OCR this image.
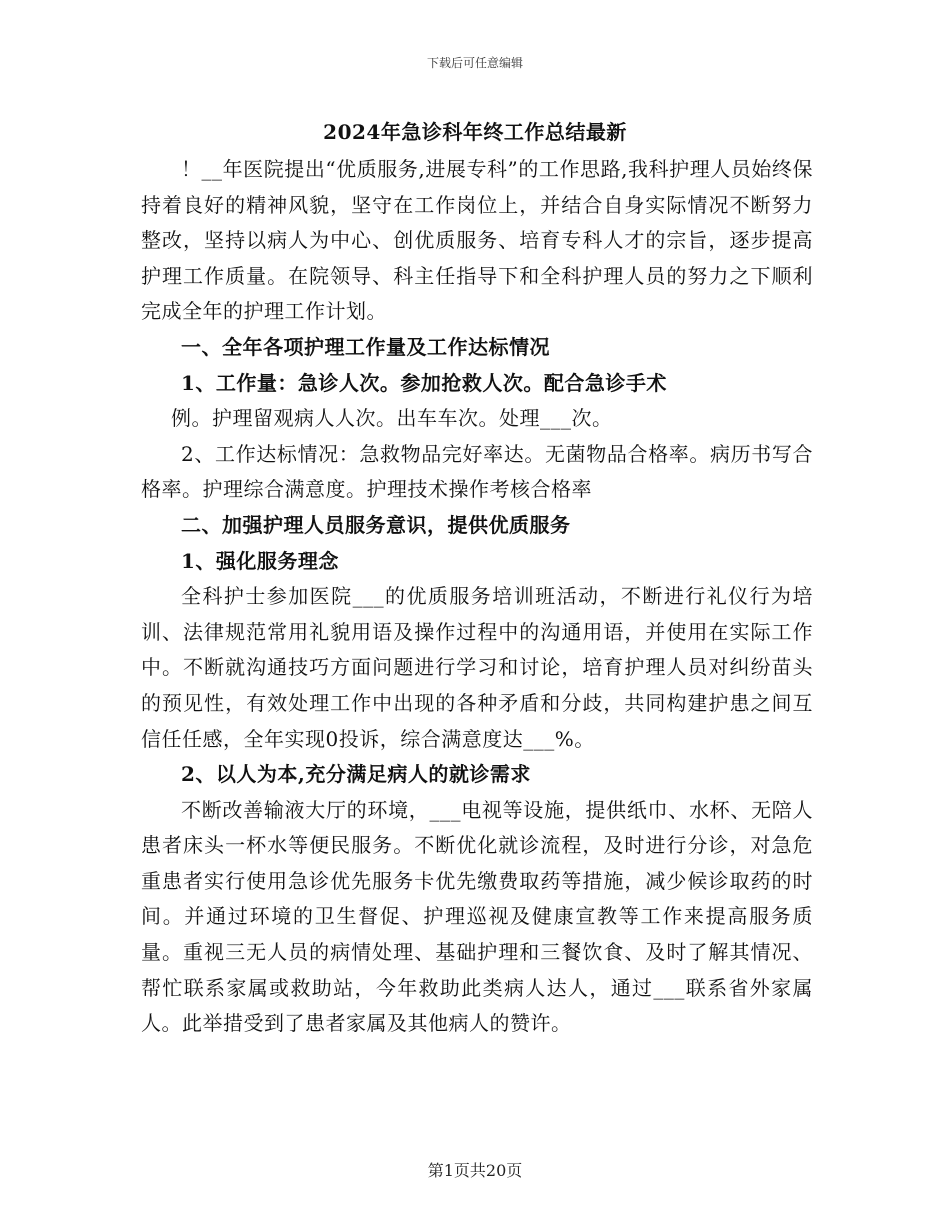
下载后可任意编辑
2024年急诊科年终工作总结最新

！__年医院提出“优质服务,进展专科”的工作思路,我科护理人员始终保持着良好的精神风貌，坚守在工作岗位上，并结合自身实际情况不断努力整改，坚持以病人为中心、创优质服务、培育专科人才的宗旨，逐步提高护理工作质量。在院领导、科主任指导下和全科护理人员的努力之下顺利完成全年的护理工作计划。

一、全年各项护理工作量及工作达标情况

1、工作量：急诊人次。参加抢救人次。配合急诊手术

例。护理留观病人人次。出车车次。处理___次。

2、工作达标情况：急救物品完好率达。无菌物品合格率。病历书写合格率。护理综合满意度。护理技术操作考核合格率

二、加强护理人员服务意识，提供优质服务

1、强化服务理念

全科护士参加医院___的优质服务培训班活动，不断进行礼仪行为培训、法律规范常用礼貌用语及操作过程中的沟通用语，并使用在实际工作中。不断就沟通技巧方面问题进行学习和讨论，培育护理人员对纠纷苗头的预见性，有效处理工作中出现的各种矛盾和分歧，共同构建护患之间互信任任感，全年实现0投诉，综合满意度达___%。

2、以人为本,充分满足病人的就诊需求

不断改善输液大厅的环境，___电视等设施，提供纸巾、水杯、无陪人患者床头一杯水等便民服务。不断优化就诊流程，及时进行分诊，对急危重患者实行使用急诊优先服务卡优先缴费取药等措施，减少候诊取药的时间。并通过环境的卫生督促、护理巡视及健康宣教等工作来提高服务质量。重视三无人员的病情处理、基础护理和三餐饮食、及时了解其情况、帮忙联系家属或救助站，今年救助此类病人达人，通过___联系省外家属人。此举措受到了患者家属及其他病人的赞许。

第1页共20页
